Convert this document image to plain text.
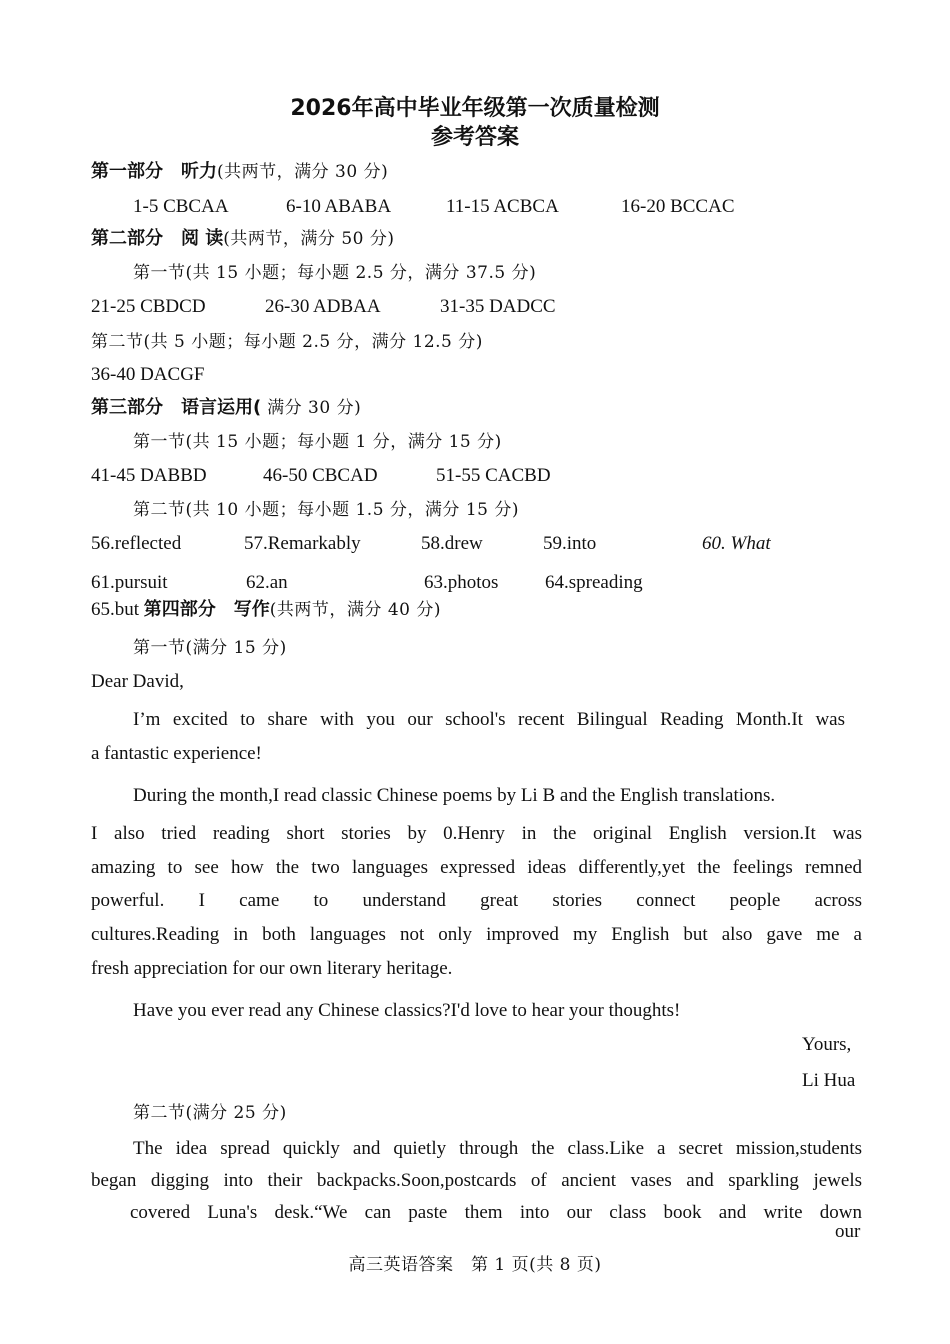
2026年高中毕业年级第一次质量检测
参考答案
第一部分　听力(共两节，满分 30 分)
1-5 CBCAA	6-10 ABABA	11-15 ACBCA	16-20 BCCAC
第二部分　阅 读(共两节，满分 50 分)
第一节(共 15 小题；每小题 2.5 分，满分 37.5 分)
21-25 CBDCD	26-30 ADBAA	31-35 DADCC
第二节(共 5 小题；每小题 2.5 分，满分 12.5 分)
36-40 DACGF
第三部分　语言运用( 满分 30 分)
第一节(共 15 小题；每小题 1 分，满分 15 分)
41-45 DABBD	46-50 CBCAD	51-55 CACBD
第二节(共 10 小题；每小题 1.5 分，满分 15 分)
56.reflected	57.Remarkably	58.drew	59.into	60. What
61.pursuit	62.an	63.photos 64.spreading
65.but 第四部分　写作(共两节，满分 40 分)
第一节(满分 15 分)
Dear David,
I’m excited to share with you our school's recent Bilingual Reading Month.It was
a fantastic experience!
During the month,I read classic Chinese poems by Li B and the English translations.
I also tried reading short stories by 0.Henry in the original English version.It was
amazing to see how the two languages expressed ideas differently,yet the feelings remned
powerful. I came to understand great stories connect people across
cultures.Reading in both languages not only improved my English but also gave me a
fresh appreciation for our own literary heritage.
Have you ever read any Chinese classics?I'd love to hear your thoughts!
Yours,
Li Hua
第二节(满分 25 分)
The idea spread quickly and quietly through the class.Like a secret mission,students
began digging into their backpacks.Soon,postcards of ancient vases and sparkling jewels
covered Luna's desk.“We can paste them into our class book and write down
our
高三英语答案　第 1 页(共 8 页)
